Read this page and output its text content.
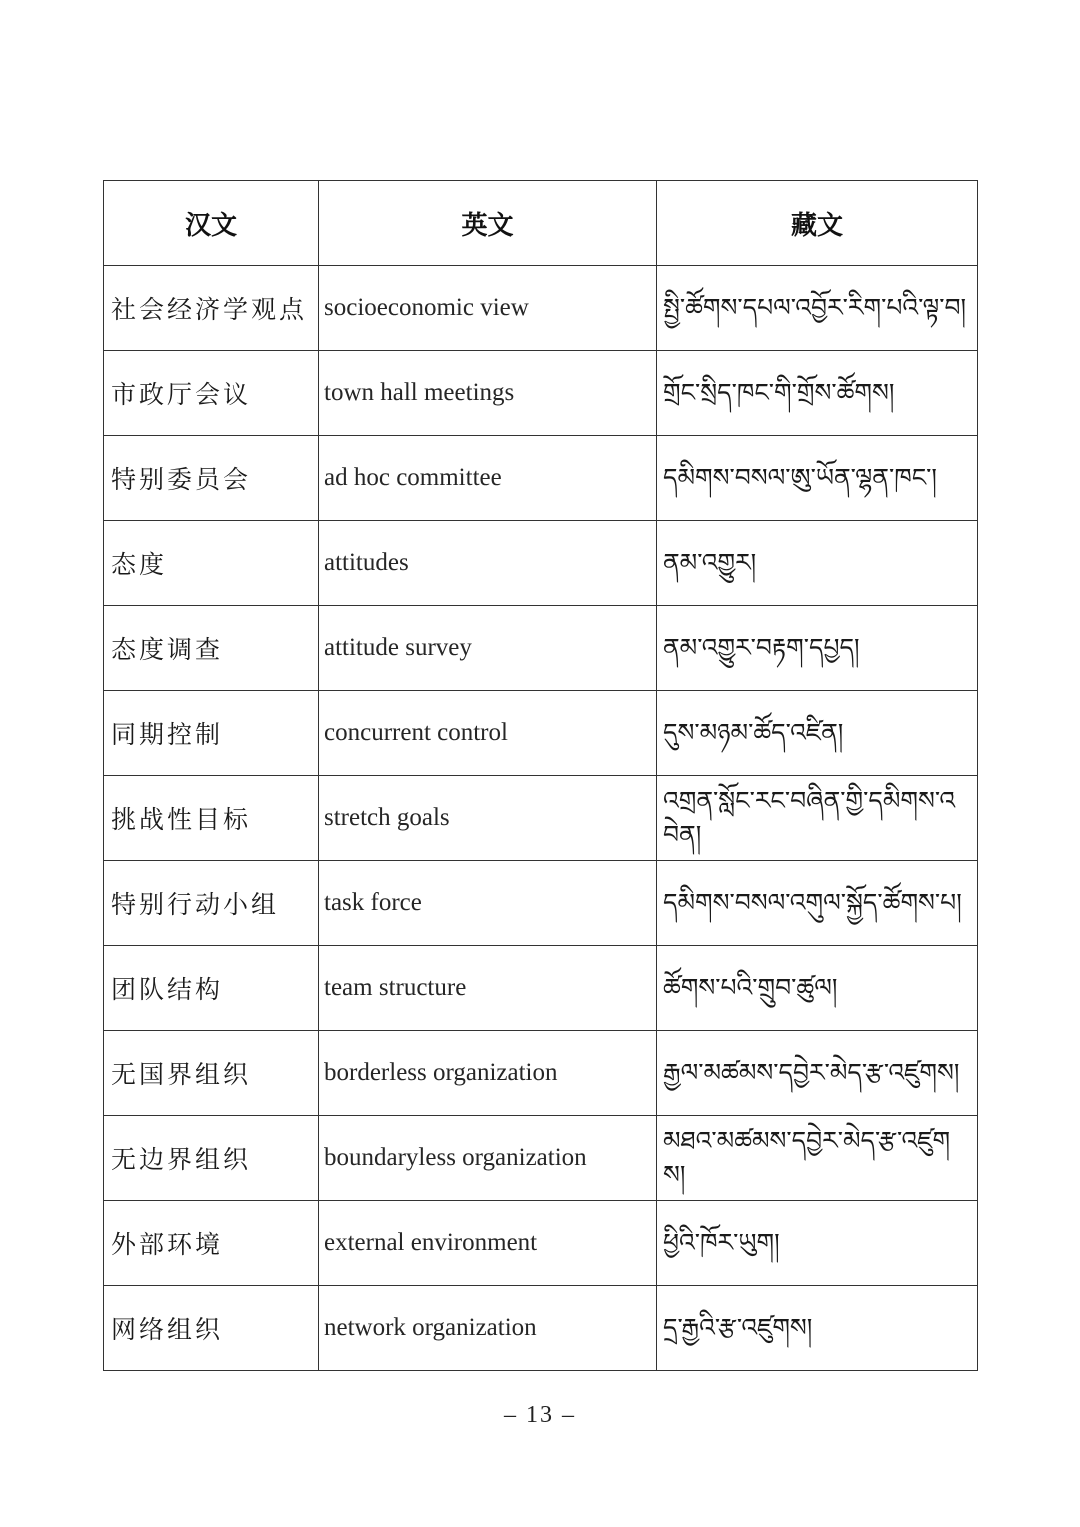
汉文	英文	藏文
社会经济学观点	socioeconomic view	སྤྱི་ཚོགས་དཔལ་འབྱོར་རིག་པའི་ལྟ་བ།
市政厅会议	town hall meetings	གྲོང་སྲིད་ཁང་གི་གྲོས་ཚོགས།
特别委员会	ad hoc committee	དམིགས་བསལ་ཨུ་ཡོན་ལྷན་ཁང་།
态度	attitudes	ནམ་འགྱུར།
态度调查	attitude survey	ནམ་འགྱུར་བརྟག་དཔྱད།
同期控制	concurrent control	དུས་མཉམ་ཚོད་འཛིན།
挑战性目标	stretch goals	འགྲན་སློང་རང་བཞིན་གྱི་དམིགས་འབེན།
特别行动小组	task force	དམིགས་བསལ་འགུལ་སྐྱོད་ཚོགས་པ།
团队结构	team structure	ཚོགས་པའི་གྲུབ་ཚུལ།
无国界组织	borderless organization	རྒྱལ་མཚམས་དབྱེར་མེད་རྩ་འཛུགས།
无边界组织	boundaryless organization	མཐའ་མཚམས་དབྱེར་མེད་རྩ་འཛུགས།
外部环境	external environment	ཕྱིའི་ཁོར་ཡུག།
网络组织	network organization	དྲ་རྒྱའི་རྩ་འཛུགས།
– 13 –
